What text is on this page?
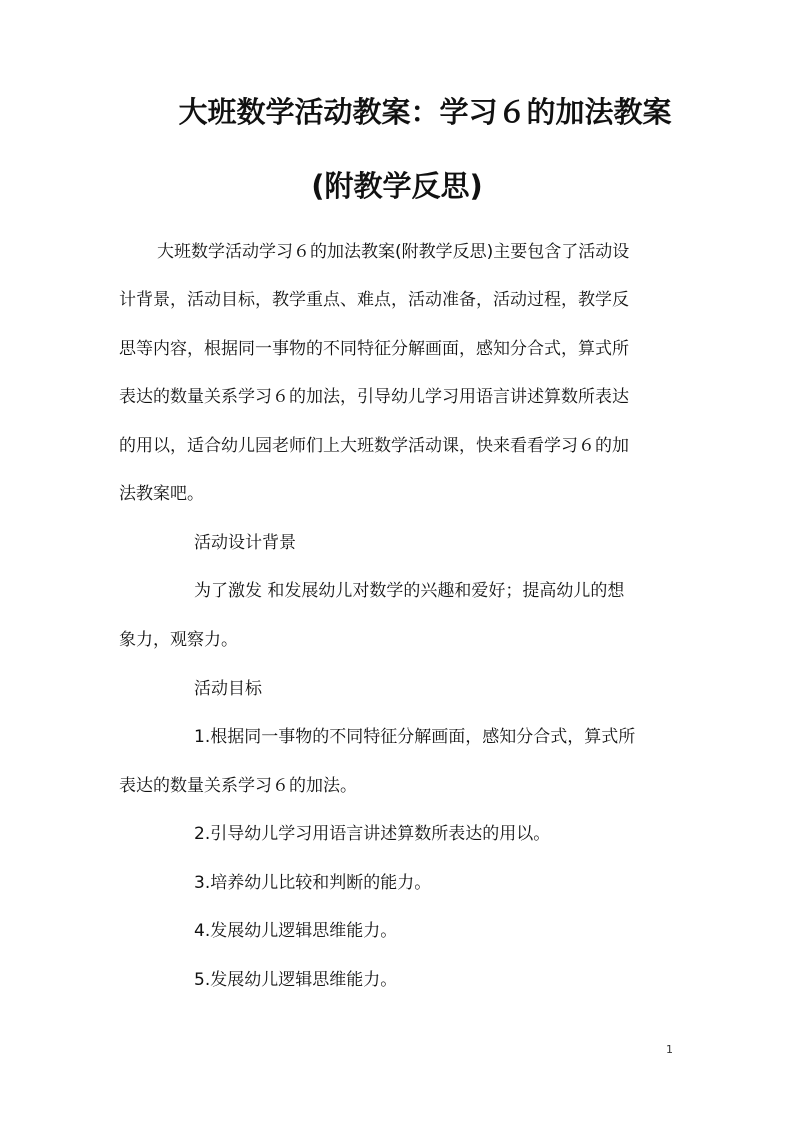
大班数学活动教案：学习６的加法教案
(附教学反思)
大班数学活动学习６的加法教案(附教学反思)主要包含了活动设
计背景，活动目标，教学重点、难点，活动准备，活动过程，教学反
思等内容，根据同一事物的不同特征分解画面，感知分合式，算式所
表达的数量关系学习６的加法，引导幼儿学习用语言讲述算数所表达
的用以，适合幼儿园老师们上大班数学活动课，快来看看学习６的加
法教案吧。
活动设计背景
为了激发 和发展幼儿对数学的兴趣和爱好；提高幼儿的想
象力，观察力。
活动目标
1.根据同一事物的不同特征分解画面，感知分合式，算式所
表达的数量关系学习６的加法。
2.引导幼儿学习用语言讲述算数所表达的用以。
3.培养幼儿比较和判断的能力。
4.发展幼儿逻辑思维能力。
5.发展幼儿逻辑思维能力。
1
